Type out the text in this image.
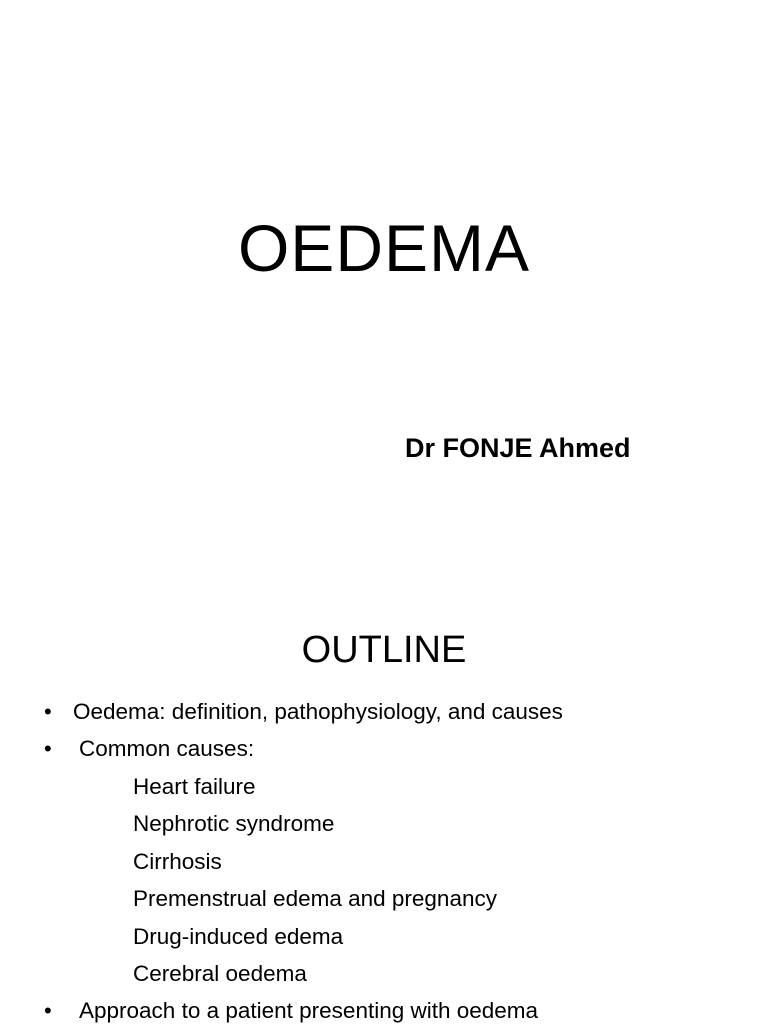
OEDEMA

Dr FONJE Ahmed

OUTLINE
• Oedema: definition, pathophysiology, and causes
• Common causes:
Heart failure
Nephrotic syndrome
Cirrhosis
Premenstrual edema and pregnancy
Drug-induced edema
Cerebral oedema
• Approach to a patient presenting with oedema
